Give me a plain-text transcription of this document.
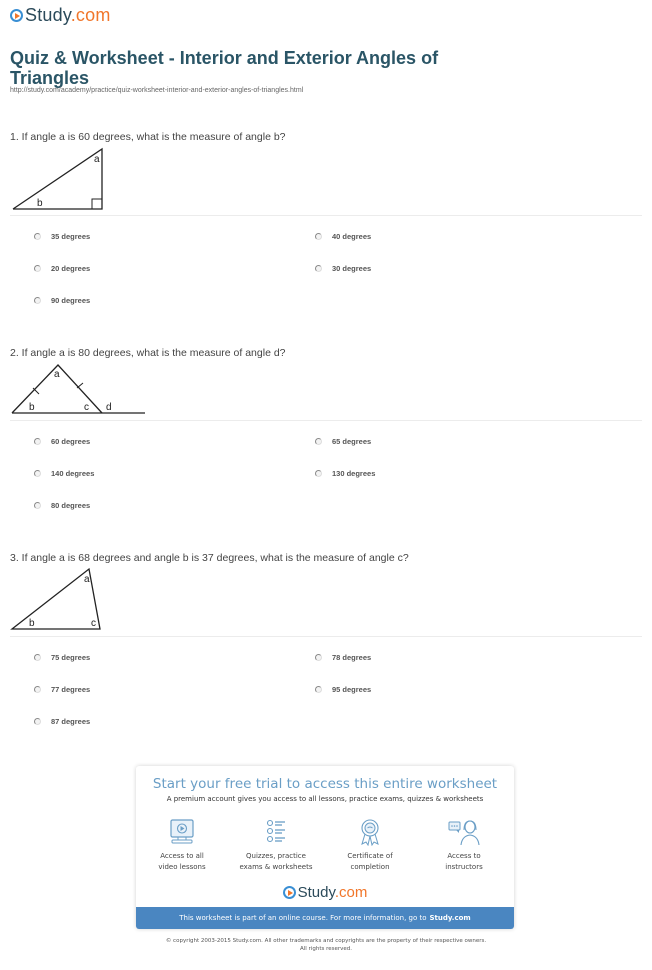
Study.com
Quiz & Worksheet - Interior and Exterior Angles of Triangles
http://study.com/academy/practice/quiz-worksheet-interior-and-exterior-angles-of-triangles.html
1. If angle a is 60 degrees, what is the measure of angle b?
a
b
35 degrees	40 degrees
20 degrees	30 degrees
90 degrees
2. If angle a is 80 degrees, what is the measure of angle d?
a
b	c d
60 degrees	65 degrees
140 degrees	130 degrees
80 degrees
3. If angle a is 68 degrees and angle b is 37 degrees, what is the measure of angle c?
a
b	c
75 degrees	78 degrees
77 degrees	95 degrees
87 degrees
Start your free trial to access this entire worksheet
A premium account gives you access to all lessons, practice exams, quizzes & worksheets
Access to all
video lessons
Quizzes, practice
exams & worksheets
Certificate of
completion
Access to
instructors
Study.com
This worksheet is part of an online course. For more information, go to Study.com
© copyright 2003-2015 Study.com. All other trademarks and copyrights are the property of their respective owners.
All rights reserved.
